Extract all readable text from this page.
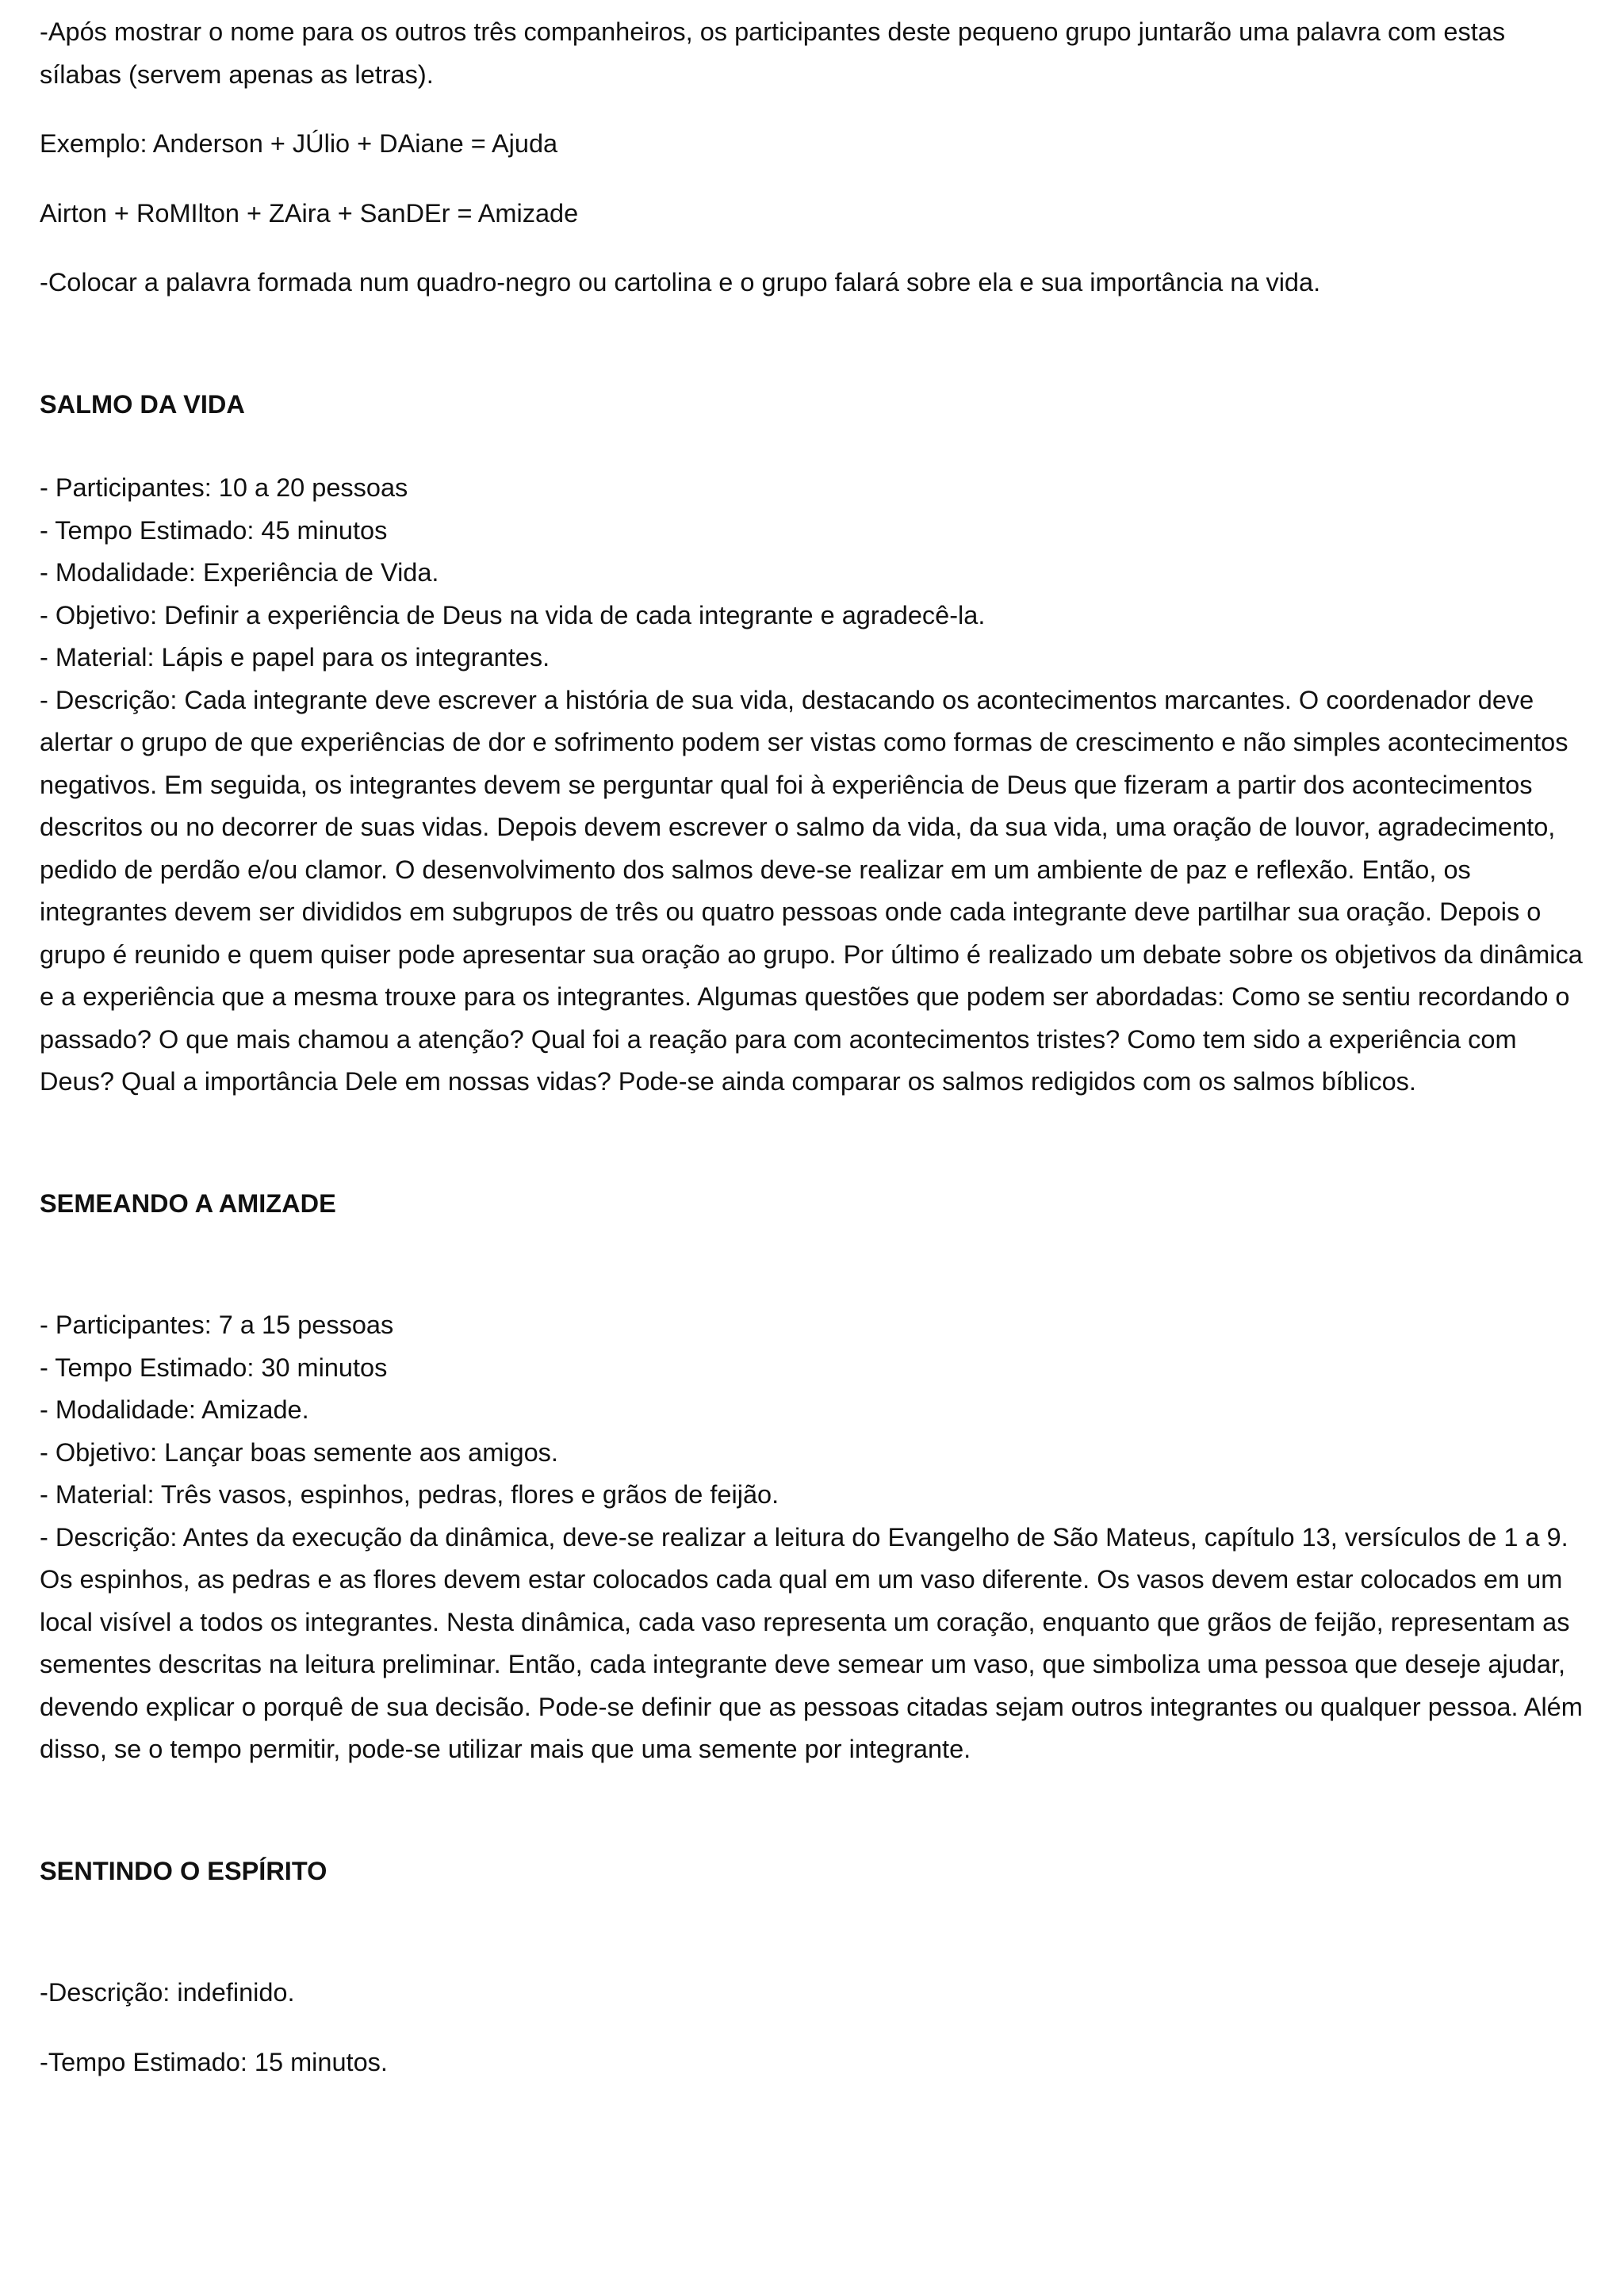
-Após mostrar o nome para os outros três companheiros, os participantes deste pequeno grupo juntarão uma palavra com estas sílabas (servem apenas as letras).

Exemplo: Anderson + JÚlio + DAiane = Ajuda

Airton + RoMIlton + ZAira + SanDEr = Amizade

-Colocar a palavra formada num quadro-negro ou cartolina e o grupo falará sobre ela e sua importância na vida.

SALMO DA VIDA

- Participantes: 10 a 20 pessoas

- Tempo Estimado: 45 minutos

- Modalidade: Experiência de Vida.

- Objetivo: Definir a experiência de Deus na vida de cada integrante e agradecê-la.

- Material: Lápis e papel para os integrantes.

- Descrição: Cada integrante deve escrever a história de sua vida, destacando os acontecimentos marcantes. O coordenador deve alertar o grupo de que experiências de dor e sofrimento podem ser vistas como formas de crescimento e não simples acontecimentos negativos. Em seguida, os integrantes devem se perguntar qual foi à experiência de Deus que fizeram a partir dos acontecimentos descritos ou no decorrer de suas vidas. Depois devem escrever o salmo da vida, da sua vida, uma oração de louvor, agradecimento, pedido de perdão e/ou clamor. O desenvolvimento dos salmos deve-se realizar em um ambiente de paz e reflexão. Então, os integrantes devem ser divididos em subgrupos de três ou quatro pessoas onde cada integrante deve partilhar sua oração. Depois o grupo é reunido e quem quiser pode apresentar sua oração ao grupo. Por último é realizado um debate sobre os objetivos da dinâmica e a experiência que a mesma trouxe para os integrantes. Algumas questões que podem ser abordadas: Como se sentiu recordando o passado? O que mais chamou a atenção? Qual foi a reação para com acontecimentos tristes? Como tem sido a experiência com Deus? Qual a importância Dele em nossas vidas? Pode-se ainda comparar os salmos redigidos com os salmos bíblicos.

SEMEANDO A AMIZADE

- Participantes: 7 a 15 pessoas

- Tempo Estimado: 30 minutos

- Modalidade: Amizade.

- Objetivo: Lançar boas semente aos amigos.

- Material: Três vasos, espinhos, pedras, flores e grãos de feijão.

- Descrição: Antes da execução da dinâmica, deve-se realizar a leitura do Evangelho de São Mateus, capítulo 13, versículos de 1 a 9. Os espinhos, as pedras e as flores devem estar colocados cada qual em um vaso diferente. Os vasos devem estar colocados em um local visível a todos os integrantes. Nesta dinâmica, cada vaso representa um coração, enquanto que grãos de feijão, representam as sementes descritas na leitura preliminar. Então, cada integrante deve semear um vaso, que simboliza uma pessoa que deseje ajudar, devendo explicar o porquê de sua decisão. Pode-se definir que as pessoas citadas sejam outros integrantes ou qualquer pessoa. Além disso, se o tempo permitir, pode-se utilizar mais que uma semente por integrante.

SENTINDO O ESPÍRITO

-Descrição: indefinido.

-Tempo Estimado: 15 minutos.
